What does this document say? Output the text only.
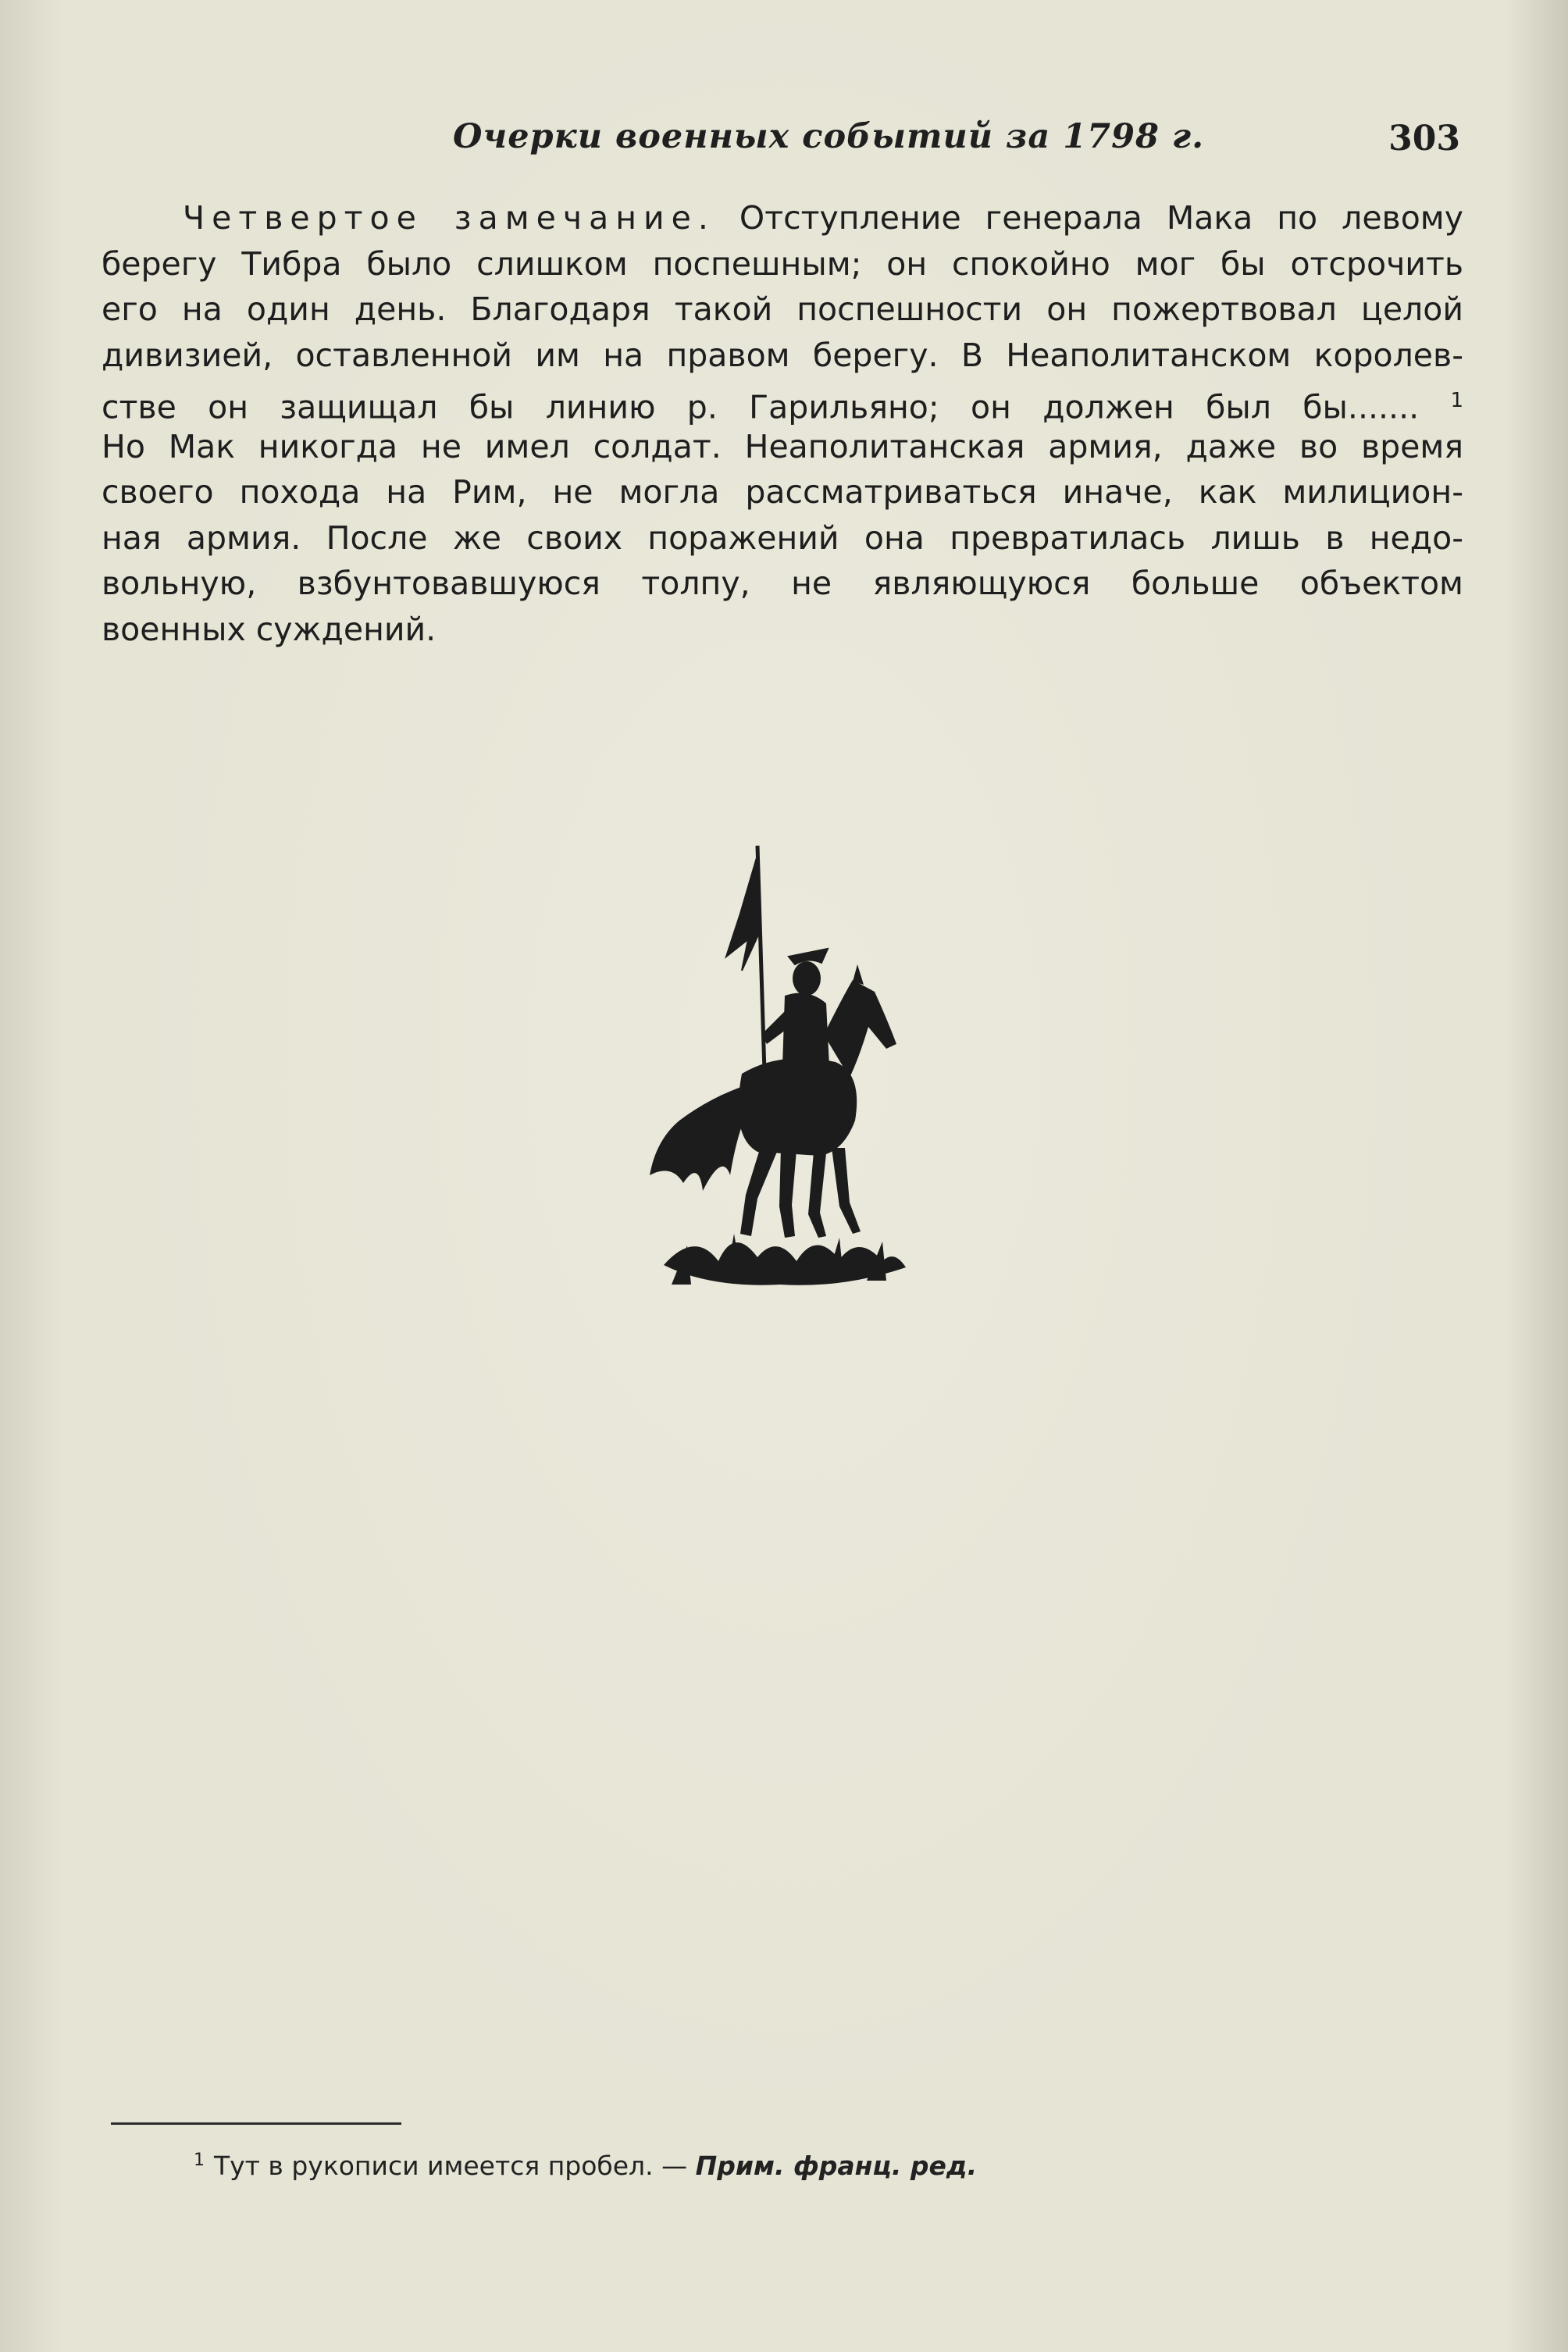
Очерки военных событий за 1798 г.	303
Четвертое замечание. Отступление генерала Мака по левому
берегу Тибра было слишком поспешным; он спокойно мог бы отсрочить
его на один день. Благодаря такой поспешности он пожертвовал целой
дивизией, оставленной им на правом берегу. В Неаполитанском королев-
стве он защищал бы линию р. Гарильяно; он должен был бы....... $^1$
Но Мак никогда не имел солдат. Неаполитанская армия, даже во время
своего похода на Рим, не могла рассматриваться иначе, как милицион-
ная армия. После же своих поражений она превратилась лишь в недо-
вольную, взбунтовавшуюся толпу, не являющуюся больше объектом
военных суждений.
$^1$ Тут в рукописи имеется пробел. — Прим. франц. ред.
